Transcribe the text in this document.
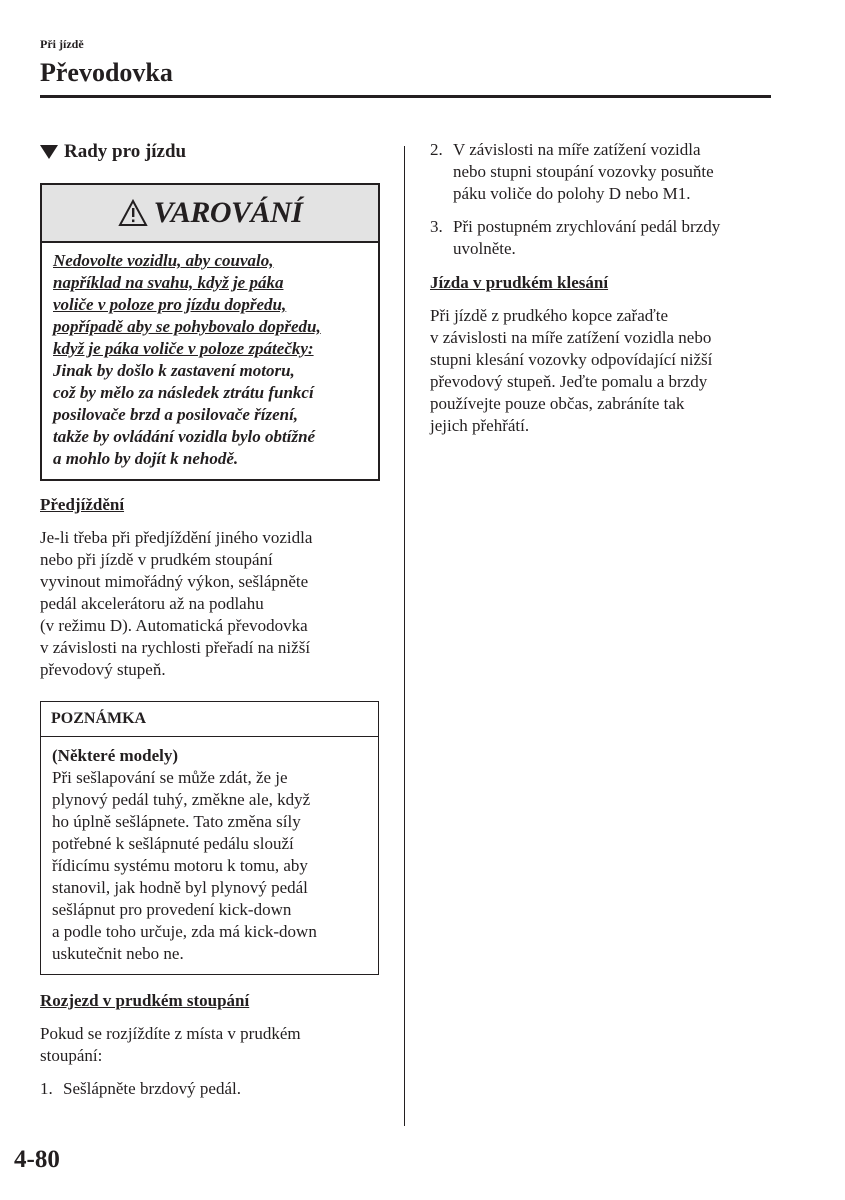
Při jízdě
Převodovka
Rady pro jízdu
VAROVÁNÍ
Nedovolte vozidlu, aby couvalo,
například na svahu, když je páka
voliče v poloze pro jízdu dopředu,
popřípadě aby se pohybovalo dopředu,
když je páka voliče v poloze zpátečky:
Jinak by došlo k zastavení motoru,
což by mělo za následek ztrátu funkcí
posilovače brzd a posilovače řízení,
takže by ovládání vozidla bylo obtížné
a mohlo by dojít k nehodě.
Předjíždění
Je-li třeba při předjíždění jiného vozidla
nebo při jízdě v prudkém stoupání
vyvinout mimořádný výkon, sešlápněte
pedál akcelerátoru až na podlahu
(v režimu D). Automatická převodovka
v závislosti na rychlosti přeřadí na nižší
převodový stupeň.
POZNÁMKA
(Některé modely)
Při sešlapování se může zdát, že je
plynový pedál tuhý, změkne ale, když
ho úplně sešlápnete. Tato změna síly
potřebné k sešlápnuté pedálu slouží
řídicímu systému motoru k tomu, aby
stanovil, jak hodně byl plynový pedál
sešlápnut pro provedení kick-down
a podle toho určuje, zda má kick-down
uskutečnit nebo ne.
Rozjezd v prudkém stoupání
Pokud se rozjíždíte z místa v prudkém
stoupání:
1. Sešlápněte brzdový pedál.
2. V závislosti na míře zatížení vozidla
nebo stupni stoupání vozovky posuňte
páku voliče do polohy D nebo M1.
3. Při postupném zrychlování pedál brzdy
uvolněte.
Jízda v prudkém klesání
Při jízdě z prudkého kopce zařaďte
v závislosti na míře zatížení vozidla nebo
stupni klesání vozovky odpovídající nižší
převodový stupeň. Jeďte pomalu a brzdy
používejte pouze občas, zabráníte tak
jejich přehřátí.
4-80
